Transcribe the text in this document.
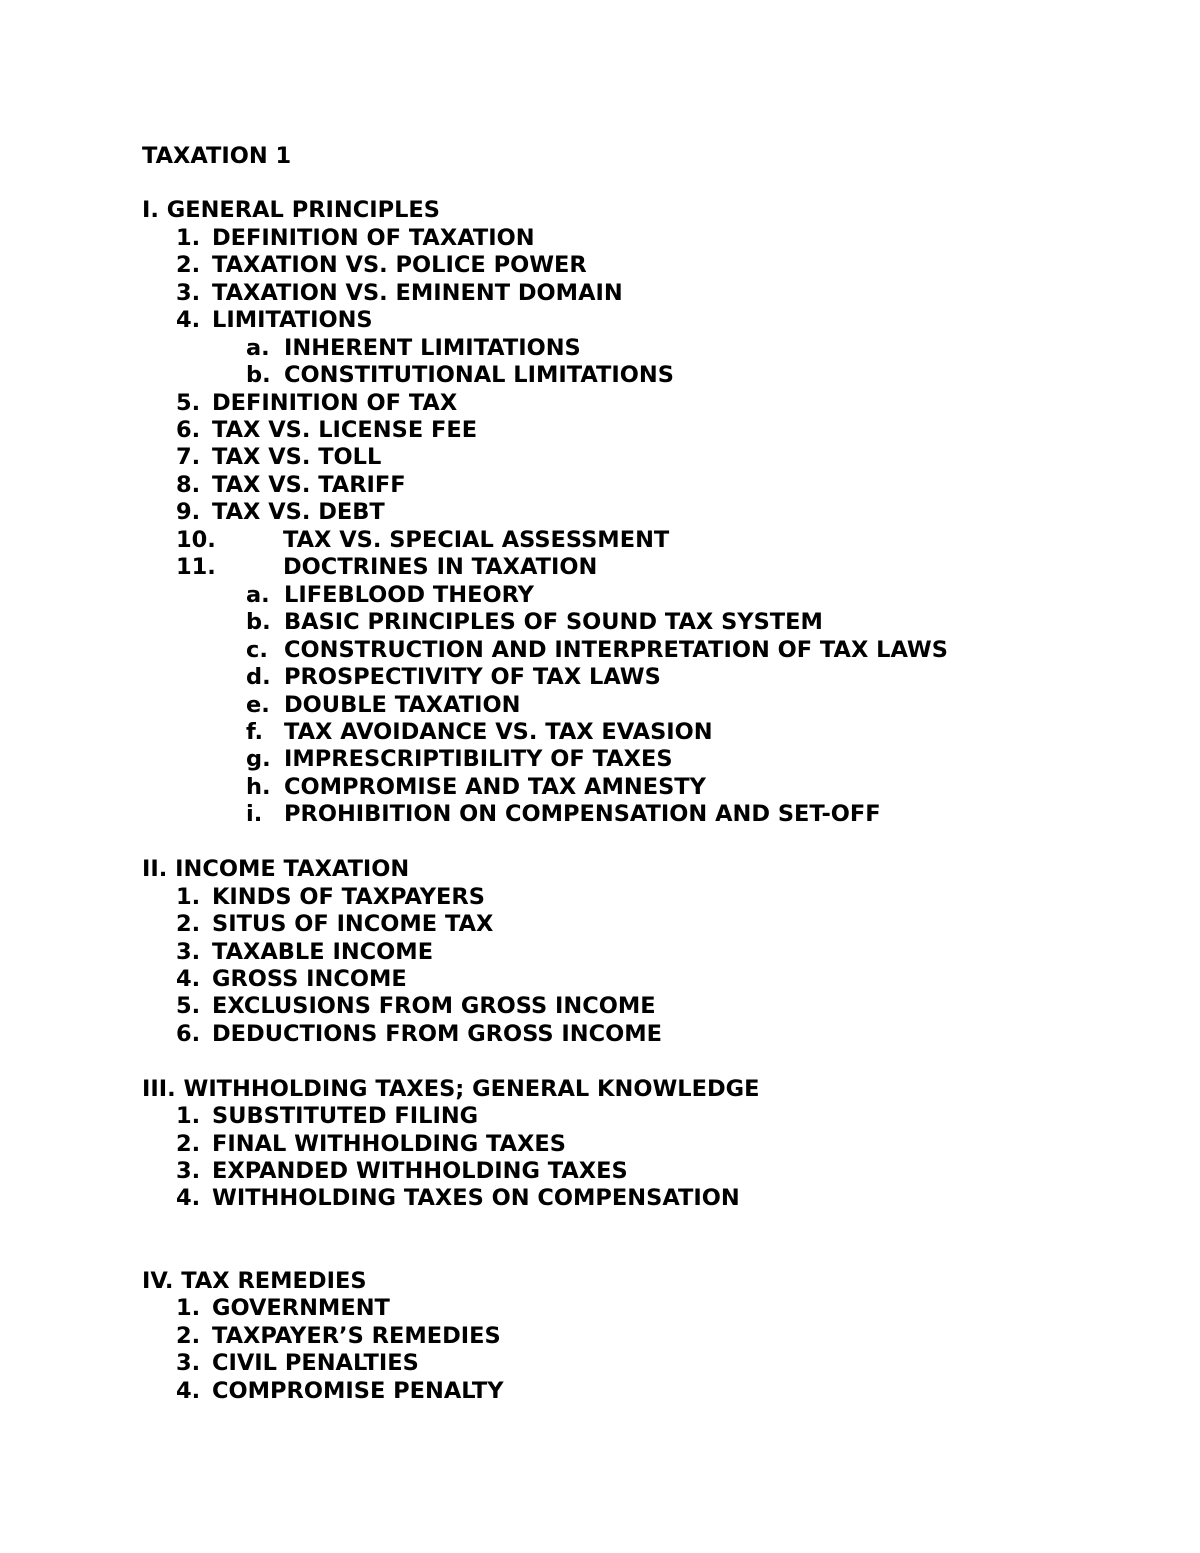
TAXATION 1
I. GENERAL PRINCIPLES
1. DEFINITION OF TAXATION
2. TAXATION VS. POLICE POWER
3. TAXATION VS. EMINENT DOMAIN
4. LIMITATIONS
a. INHERENT LIMITATIONS
b. CONSTITUTIONAL LIMITATIONS
5. DEFINITION OF TAX
6. TAX VS. LICENSE FEE
7. TAX VS. TOLL
8. TAX VS. TARIFF
9. TAX VS. DEBT
10.	TAX VS. SPECIAL ASSESSMENT
11.	DOCTRINES IN TAXATION
a. LIFEBLOOD THEORY
b. BASIC PRINCIPLES OF SOUND TAX SYSTEM
c. CONSTRUCTION AND INTERPRETATION OF TAX LAWS
d. PROSPECTIVITY OF TAX LAWS
e. DOUBLE TAXATION
f. TAX AVOIDANCE VS. TAX EVASION
g. IMPRESCRIPTIBILITY OF TAXES
h. COMPROMISE AND TAX AMNESTY
i. PROHIBITION ON COMPENSATION AND SET-OFF
II. INCOME TAXATION
1. KINDS OF TAXPAYERS
2. SITUS OF INCOME TAX
3. TAXABLE INCOME
4. GROSS INCOME
5. EXCLUSIONS FROM GROSS INCOME
6. DEDUCTIONS FROM GROSS INCOME
III. WITHHOLDING TAXES; GENERAL KNOWLEDGE
1. SUBSTITUTED FILING
2. FINAL WITHHOLDING TAXES
3. EXPANDED WITHHOLDING TAXES
4. WITHHOLDING TAXES ON COMPENSATION
IV. TAX REMEDIES
1. GOVERNMENT
2. TAXPAYER’S REMEDIES
3. CIVIL PENALTIES
4. COMPROMISE PENALTY
